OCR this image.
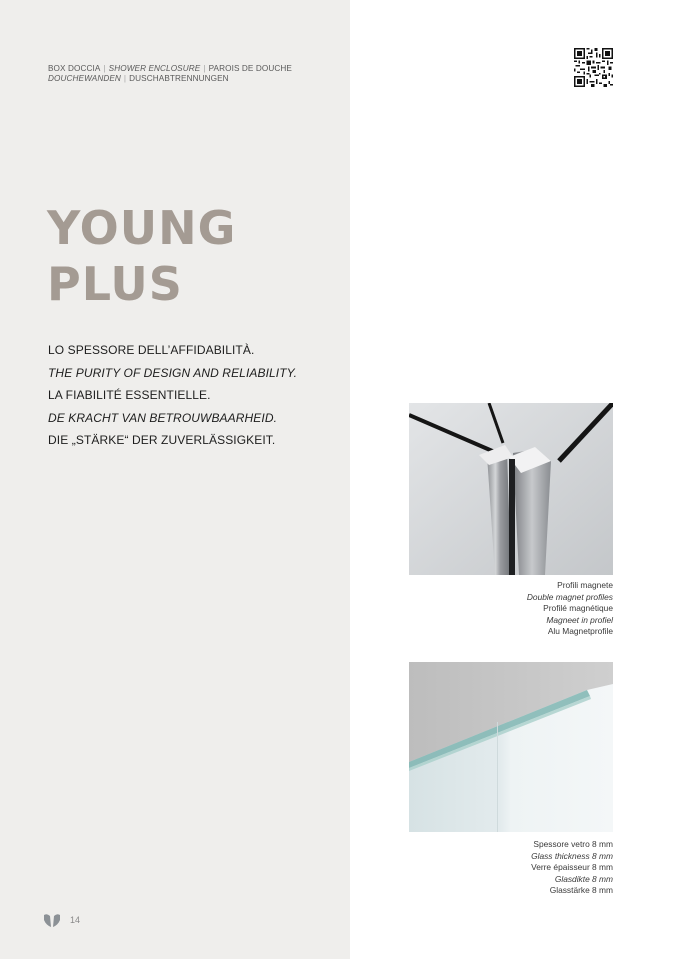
BOX DOCCIA | SHOWER ENCLOSURE | PAROIS DE DOUCHE
DOUCHEWANDEN | DUSCHABTRENNUNGEN
YOUNG
PLUS
LO SPESSORE DELL’AFFIDABILITÀ.
THE PURITY OF DESIGN AND RELIABILITY.
LA FIABILITÉ ESSENTIELLE.
DE KRACHT VAN BETROUWBAARHEID.
DIE „STÄRKE“ DER ZUVERLÄSSIGKEIT.
Profili magnete
Double magnet profiles
Profilé magnétique
Magneet in profiel
Alu Magnetprofile
Spessore vetro 8 mm
Glass thickness 8 mm
Verre épaisseur 8 mm
Glasdikte 8 mm
Glasstärke 8 mm
14
